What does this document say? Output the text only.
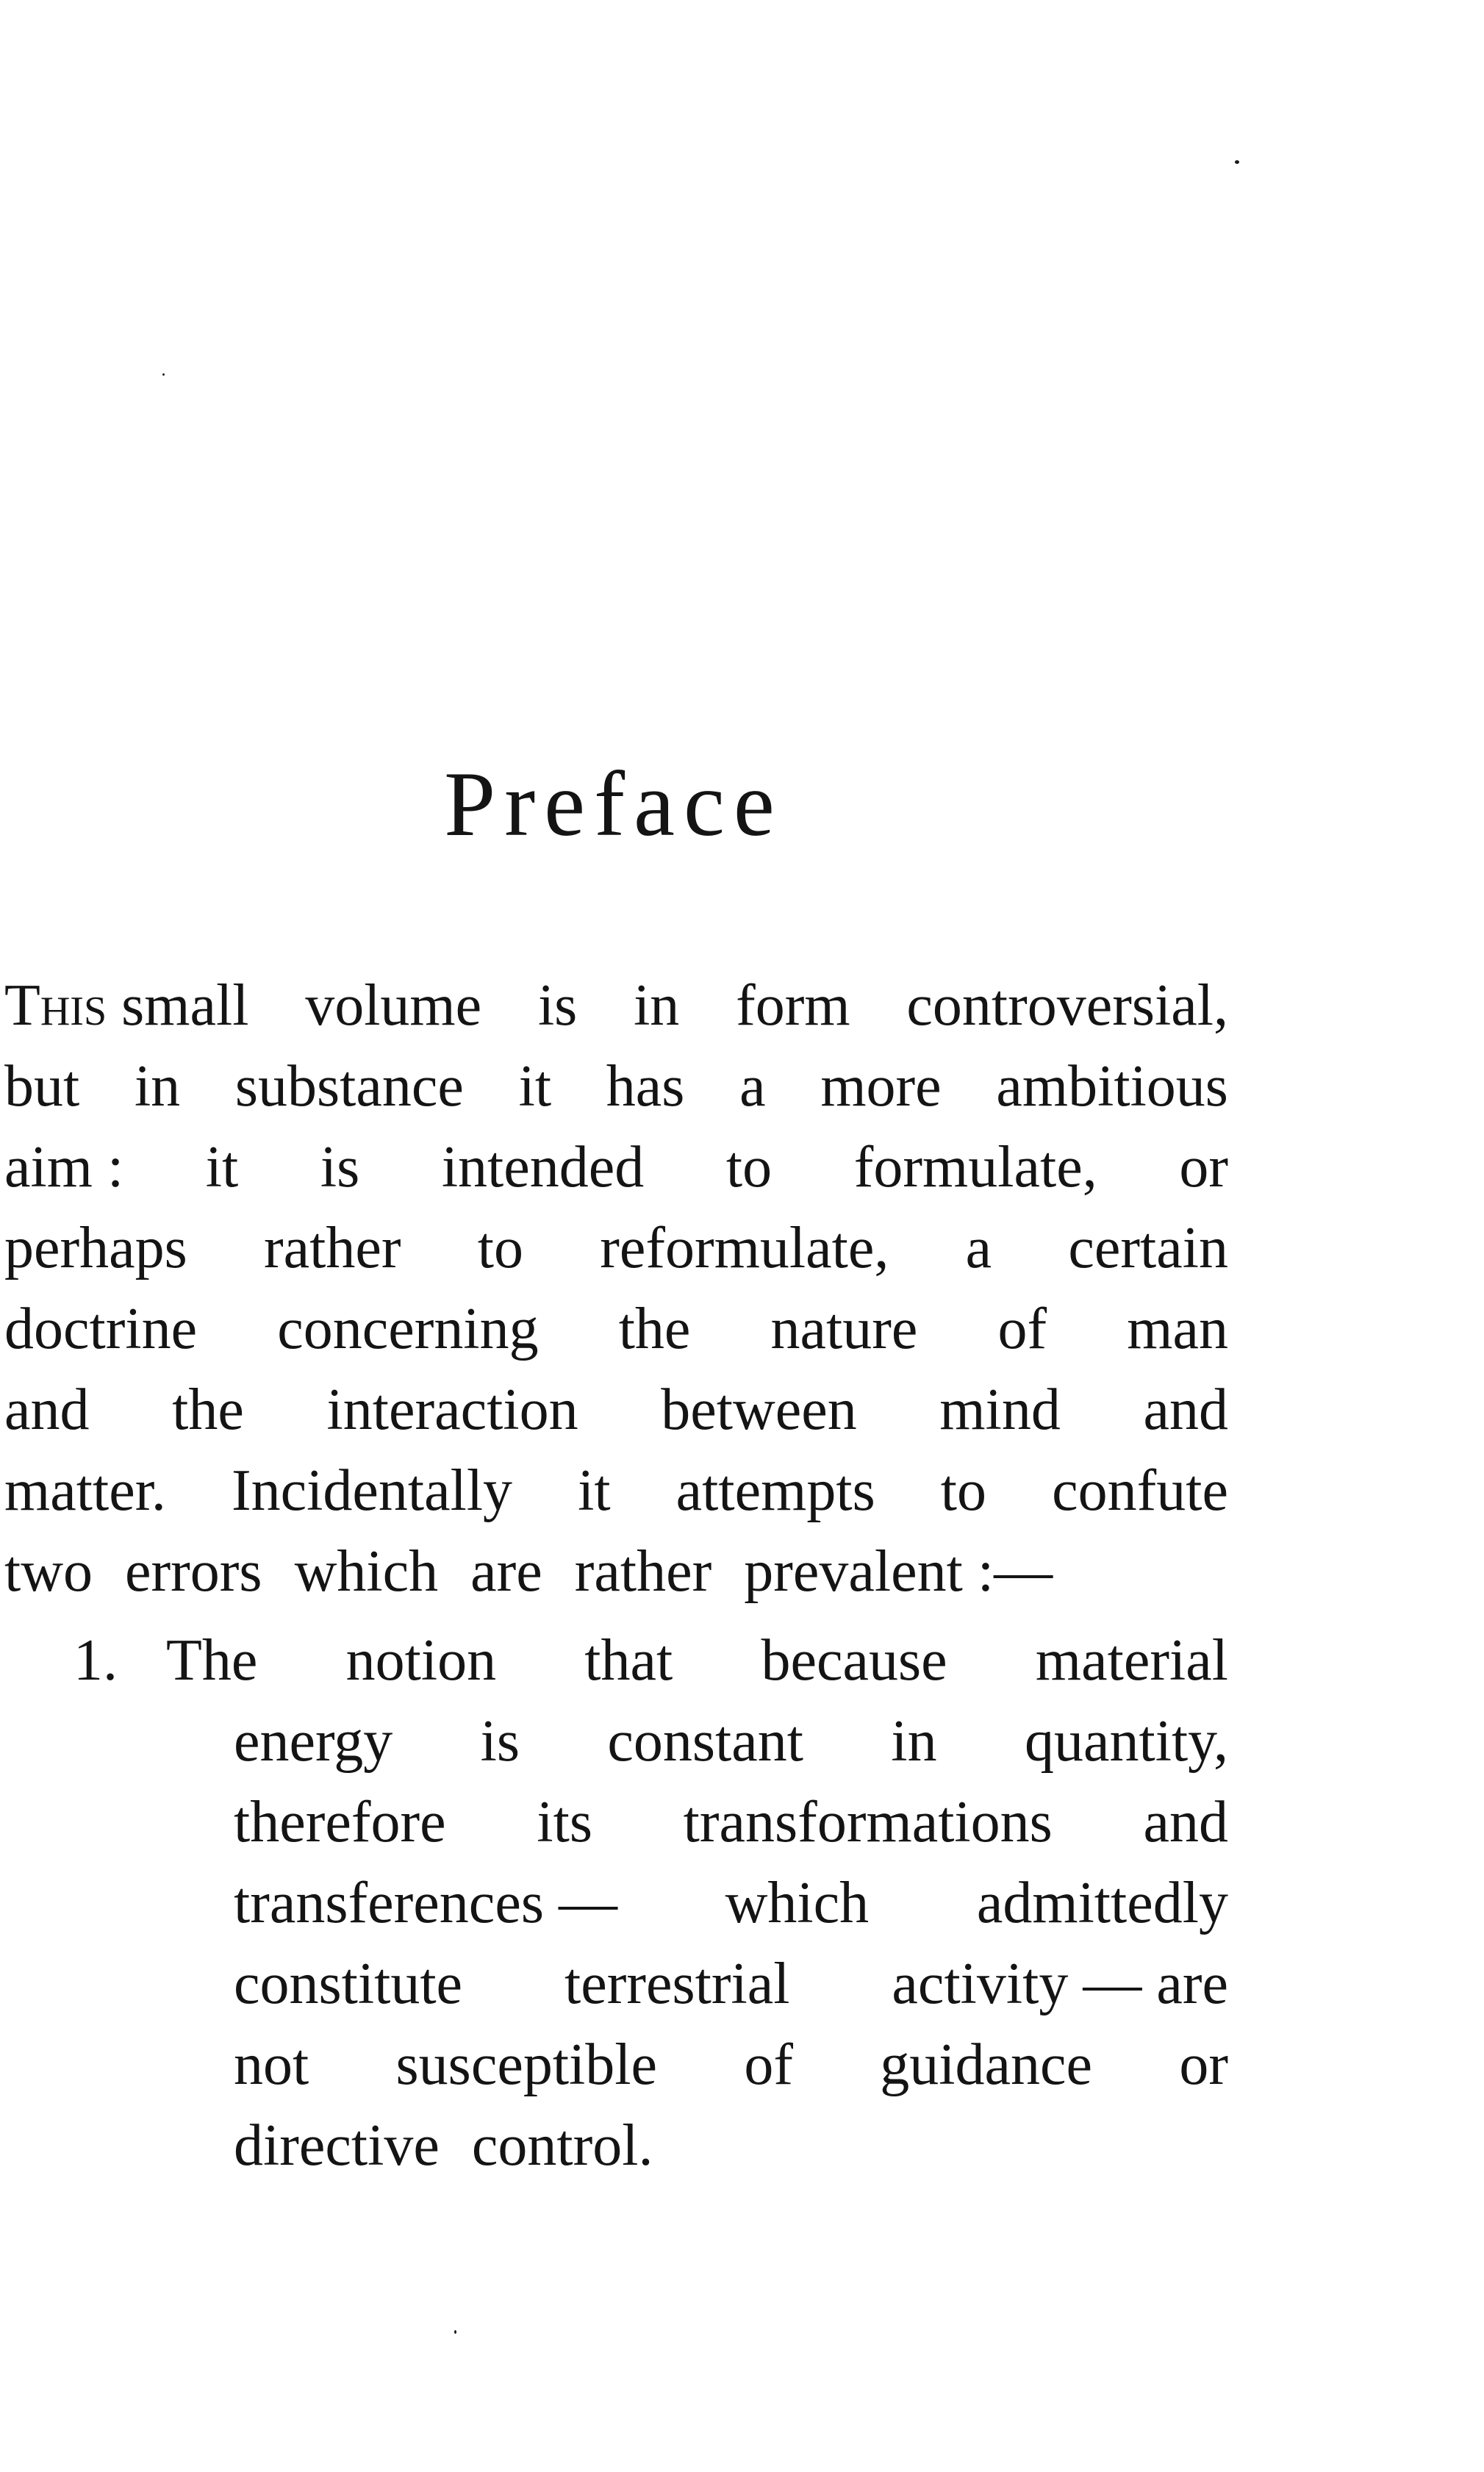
Preface
This small volume is in form controversial,
but in substance it has a more ambitious
aim : it is intended to formulate, or
perhaps rather to reformulate, a certain
doctrine concerning the nature of man
and the interaction between mind and
matter. Incidentally it attempts to confute
two errors which are rather prevalent :—
1. The notion that because material
energy is constant in quantity,
therefore its transformations and
transferences — which admittedly
constitute terrestrial activity — are
not susceptible of guidance or
directive control.
